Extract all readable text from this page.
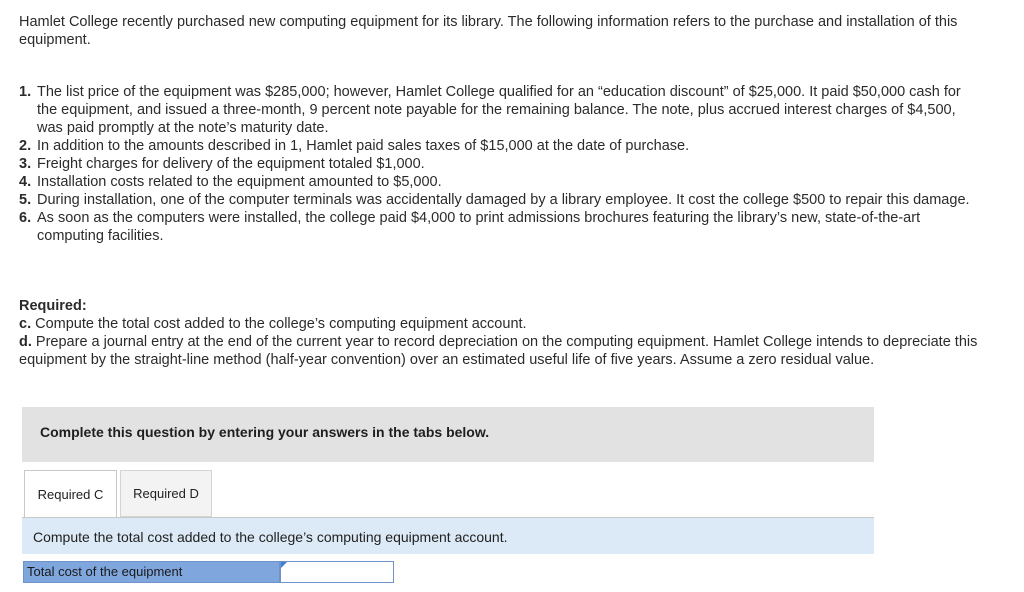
Hamlet College recently purchased new computing equipment for its library. The following information refers to the purchase and installation of this equipment.
1. The list price of the equipment was $285,000; however, Hamlet College qualified for an “education discount” of $25,000. It paid $50,000 cash for the equipment, and issued a three-month, 9 percent note payable for the remaining balance. The note, plus accrued interest charges of $4,500, was paid promptly at the note’s maturity date.
2. In addition to the amounts described in 1, Hamlet paid sales taxes of $15,000 at the date of purchase.
3. Freight charges for delivery of the equipment totaled $1,000.
4. Installation costs related to the equipment amounted to $5,000.
5. During installation, one of the computer terminals was accidentally damaged by a library employee. It cost the college $500 to repair this damage.
6. As soon as the computers were installed, the college paid $4,000 to print admissions brochures featuring the library’s new, state-of-the-art computing facilities.
Required:
c. Compute the total cost added to the college’s computing equipment account.
d. Prepare a journal entry at the end of the current year to record depreciation on the computing equipment. Hamlet College intends to depreciate this equipment by the straight-line method (half-year convention) over an estimated useful life of five years. Assume a zero residual value.
Complete this question by entering your answers in the tabs below.
Required C	Required D
Compute the total cost added to the college’s computing equipment account.
Total cost of the equipment
